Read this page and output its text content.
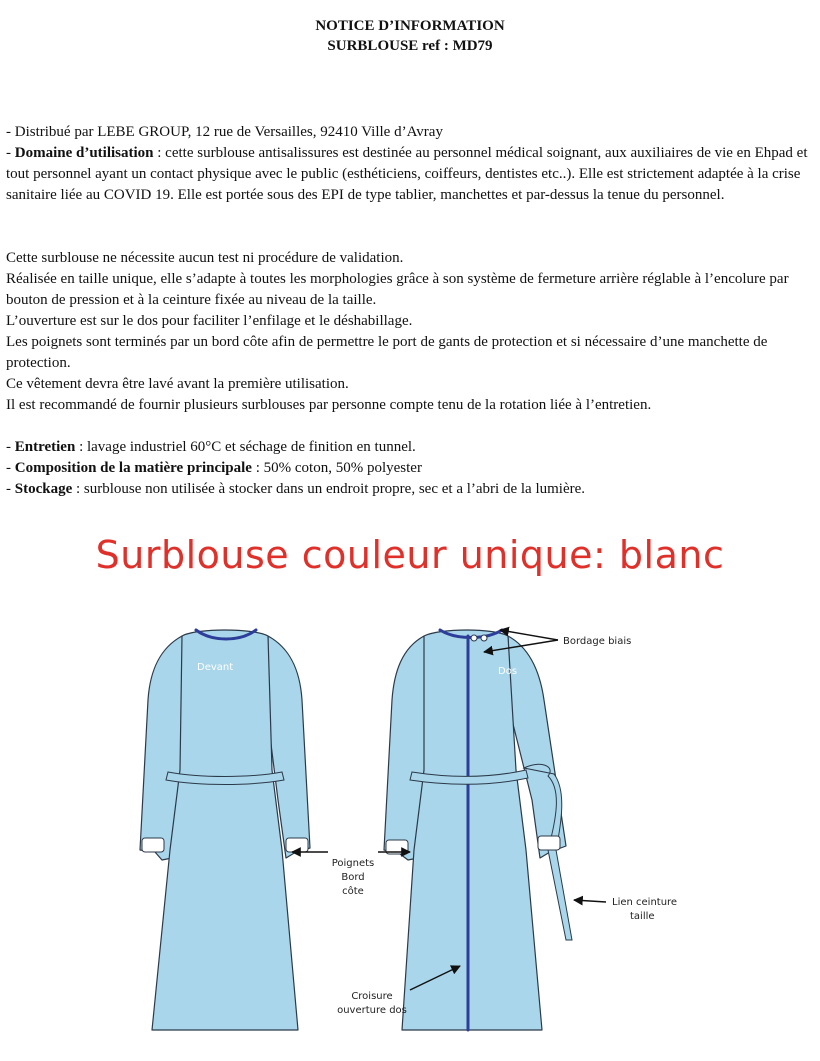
NOTICE D’INFORMATION
SURBLOUSE ref : MD79

- Distribué par LEBE GROUP, 12 rue de Versailles, 92410 Ville d’Avray

- Domaine d’utilisation : cette surblouse antisalissures est destinée au personnel médical soignant, aux auxiliaires de vie en Ehpad et tout personnel ayant un contact physique avec le public (esthéticiens, coiffeurs, dentistes etc..). Elle est strictement adaptée à la crise sanitaire liée au COVID 19. Elle est portée sous des EPI de type tablier, manchettes et par-dessus la tenue du personnel.

Cette surblouse ne nécessite aucun test ni procédure de validation.

Réalisée en taille unique, elle s’adapte à toutes les morphologies grâce à son système de fermeture arrière réglable à l’encolure par bouton de pression et à la ceinture fixée au niveau de la taille.

L’ouverture est sur le dos pour faciliter l’enfilage et le déshabillage.

Les poignets sont terminés par un bord côte afin de permettre le port de gants de protection et si nécessaire d’une manchette de protection.

Ce vêtement devra être lavé avant la première utilisation.

Il est recommandé de fournir plusieurs surblouses par personne compte tenu de la rotation liée à l’entretien.

- Entretien : lavage industriel 60°C et séchage de finition en tunnel.

- Composition de la matière principale : 50% coton, 50% polyester

- Stockage : surblouse non utilisée à stocker dans un endroit propre, sec et a l’abri de la lumière.

Surblouse couleur unique: blanc
Devant	Dos
Bordage biais
Poignets
Bord
côte
Lien ceinture
taille
Croisure
ouverture dos
